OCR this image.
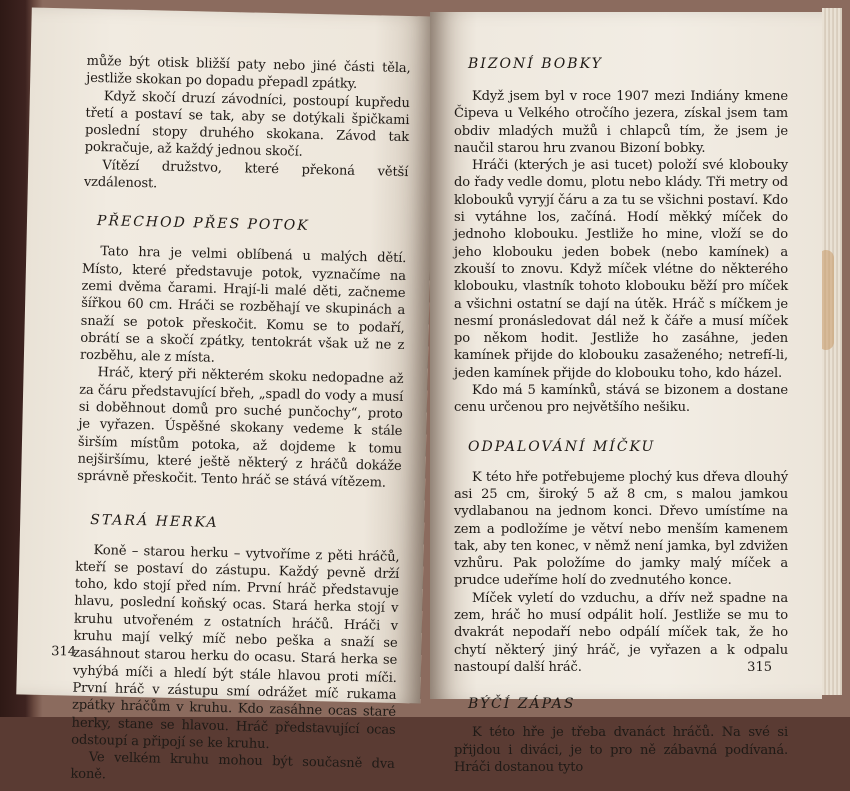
může být otisk bližší paty nebo jiné části těla, jestliže skokan po dopadu přepadl zpátky.

Když skočí druzí závodníci, postoupí kupředu třetí a postaví se tak, aby se dotýkali špičkami poslední stopy druhého skokana. Závod tak pokračuje, až každý jednou skočí.

Vítězí družstvo, které překoná větší vzdálenost.

PŘECHOD PŘES POTOK

Tato hra je velmi oblíbená u malých dětí. Místo, které představuje potok, vyznačíme na zemi dvěma čarami. Hrají-li malé děti, začneme šířkou 60 cm. Hráči se rozběhají ve skupinách a snaží se potok přeskočit. Komu se to podaří, obrátí se a skočí zpátky, tentokrát však už ne z rozběhu, ale z místa.

Hráč, který při některém skoku nedopadne až za čáru představující břeh, „spadl do vody a musí si doběhnout domů pro suché punčochy“, proto je vyřazen. Úspěšné skokany vedeme k stále širším místům potoka, až dojdeme k tomu nejširšímu, které ještě některý z hráčů dokáže správně přeskočit. Tento hráč se stává vítězem.

STARÁ HERKA

Koně – starou herku – vytvoříme z pěti hráčů, kteří se postaví do zástupu. Každý pevně drží toho, kdo stojí před ním. První hráč představuje hlavu, poslední koňský ocas. Stará herka stojí v kruhu utvořeném z ostatních hráčů. Hráči v kruhu mají velký míč nebo peška a snaží se zasáhnout starou herku do ocasu. Stará herka se vyhýbá míči a hledí být stále hlavou proti míči. První hráč v zástupu smí odrážet míč rukama zpátky hráčům v kruhu. Kdo zasáhne ocas staré herky, stane se hlavou. Hráč představující ocas odstoupí a připojí se ke kruhu.

Ve velkém kruhu mohou být současně dva koně.

314
BIZONÍ BOBKY

Když jsem byl v roce 1907 mezi Indiány kmene Čipeva u Velkého otročího jezera, získal jsem tam obdiv mladých mužů i chlapců tím, že jsem je naučil starou hru zvanou Bizoní bobky.

Hráči (kterých je asi tucet) položí své klobouky do řady vedle domu, plotu nebo klády. Tři metry od klobouků vyryjí čáru a za tu se všichni postaví. Kdo si vytáhne los, začíná. Hodí měkký míček do jednoho klobouku. Jestliže ho mine, vloží se do jeho klobouku jeden bobek (nebo kamínek) a zkouší to znovu. Když míček vlétne do některého klobouku, vlastník tohoto klobouku běží pro míček a všichni ostatní se dají na útěk. Hráč s míčkem je nesmí pronásledovat dál než k čáře a musí míček po někom hodit. Jestliže ho zasáhne, jeden kamínek přijde do klobouku zasaženého; netrefí-li, jeden kamínek přijde do klobouku toho, kdo házel.

Kdo má 5 kamínků, stává se bizonem a dostane cenu určenou pro největšího nešiku.

ODPALOVÁNÍ MÍČKU

K této hře potřebujeme plochý kus dřeva dlouhý asi 25 cm, široký 5 až 8 cm, s malou jamkou vydlabanou na jednom konci. Dřevo umístíme na zem a podložíme je větví nebo menším kamenem tak, aby ten konec, v němž není jamka, byl zdvižen vzhůru. Pak položíme do jamky malý míček a prudce udeříme holí do zvednutého konce.

Míček vyletí do vzduchu, a dřív než spadne na zem, hráč ho musí odpálit holí. Jestliže se mu to dvakrát nepodaří nebo odpálí míček tak, že ho chytí některý jiný hráč, je vyřazen a k odpalu nastoupí další hráč.

BÝČÍ ZÁPAS

K této hře je třeba dvanáct hráčů. Na své si přijdou i diváci, je to pro ně zábavná podívaná. Hráči dostanou tyto

315
